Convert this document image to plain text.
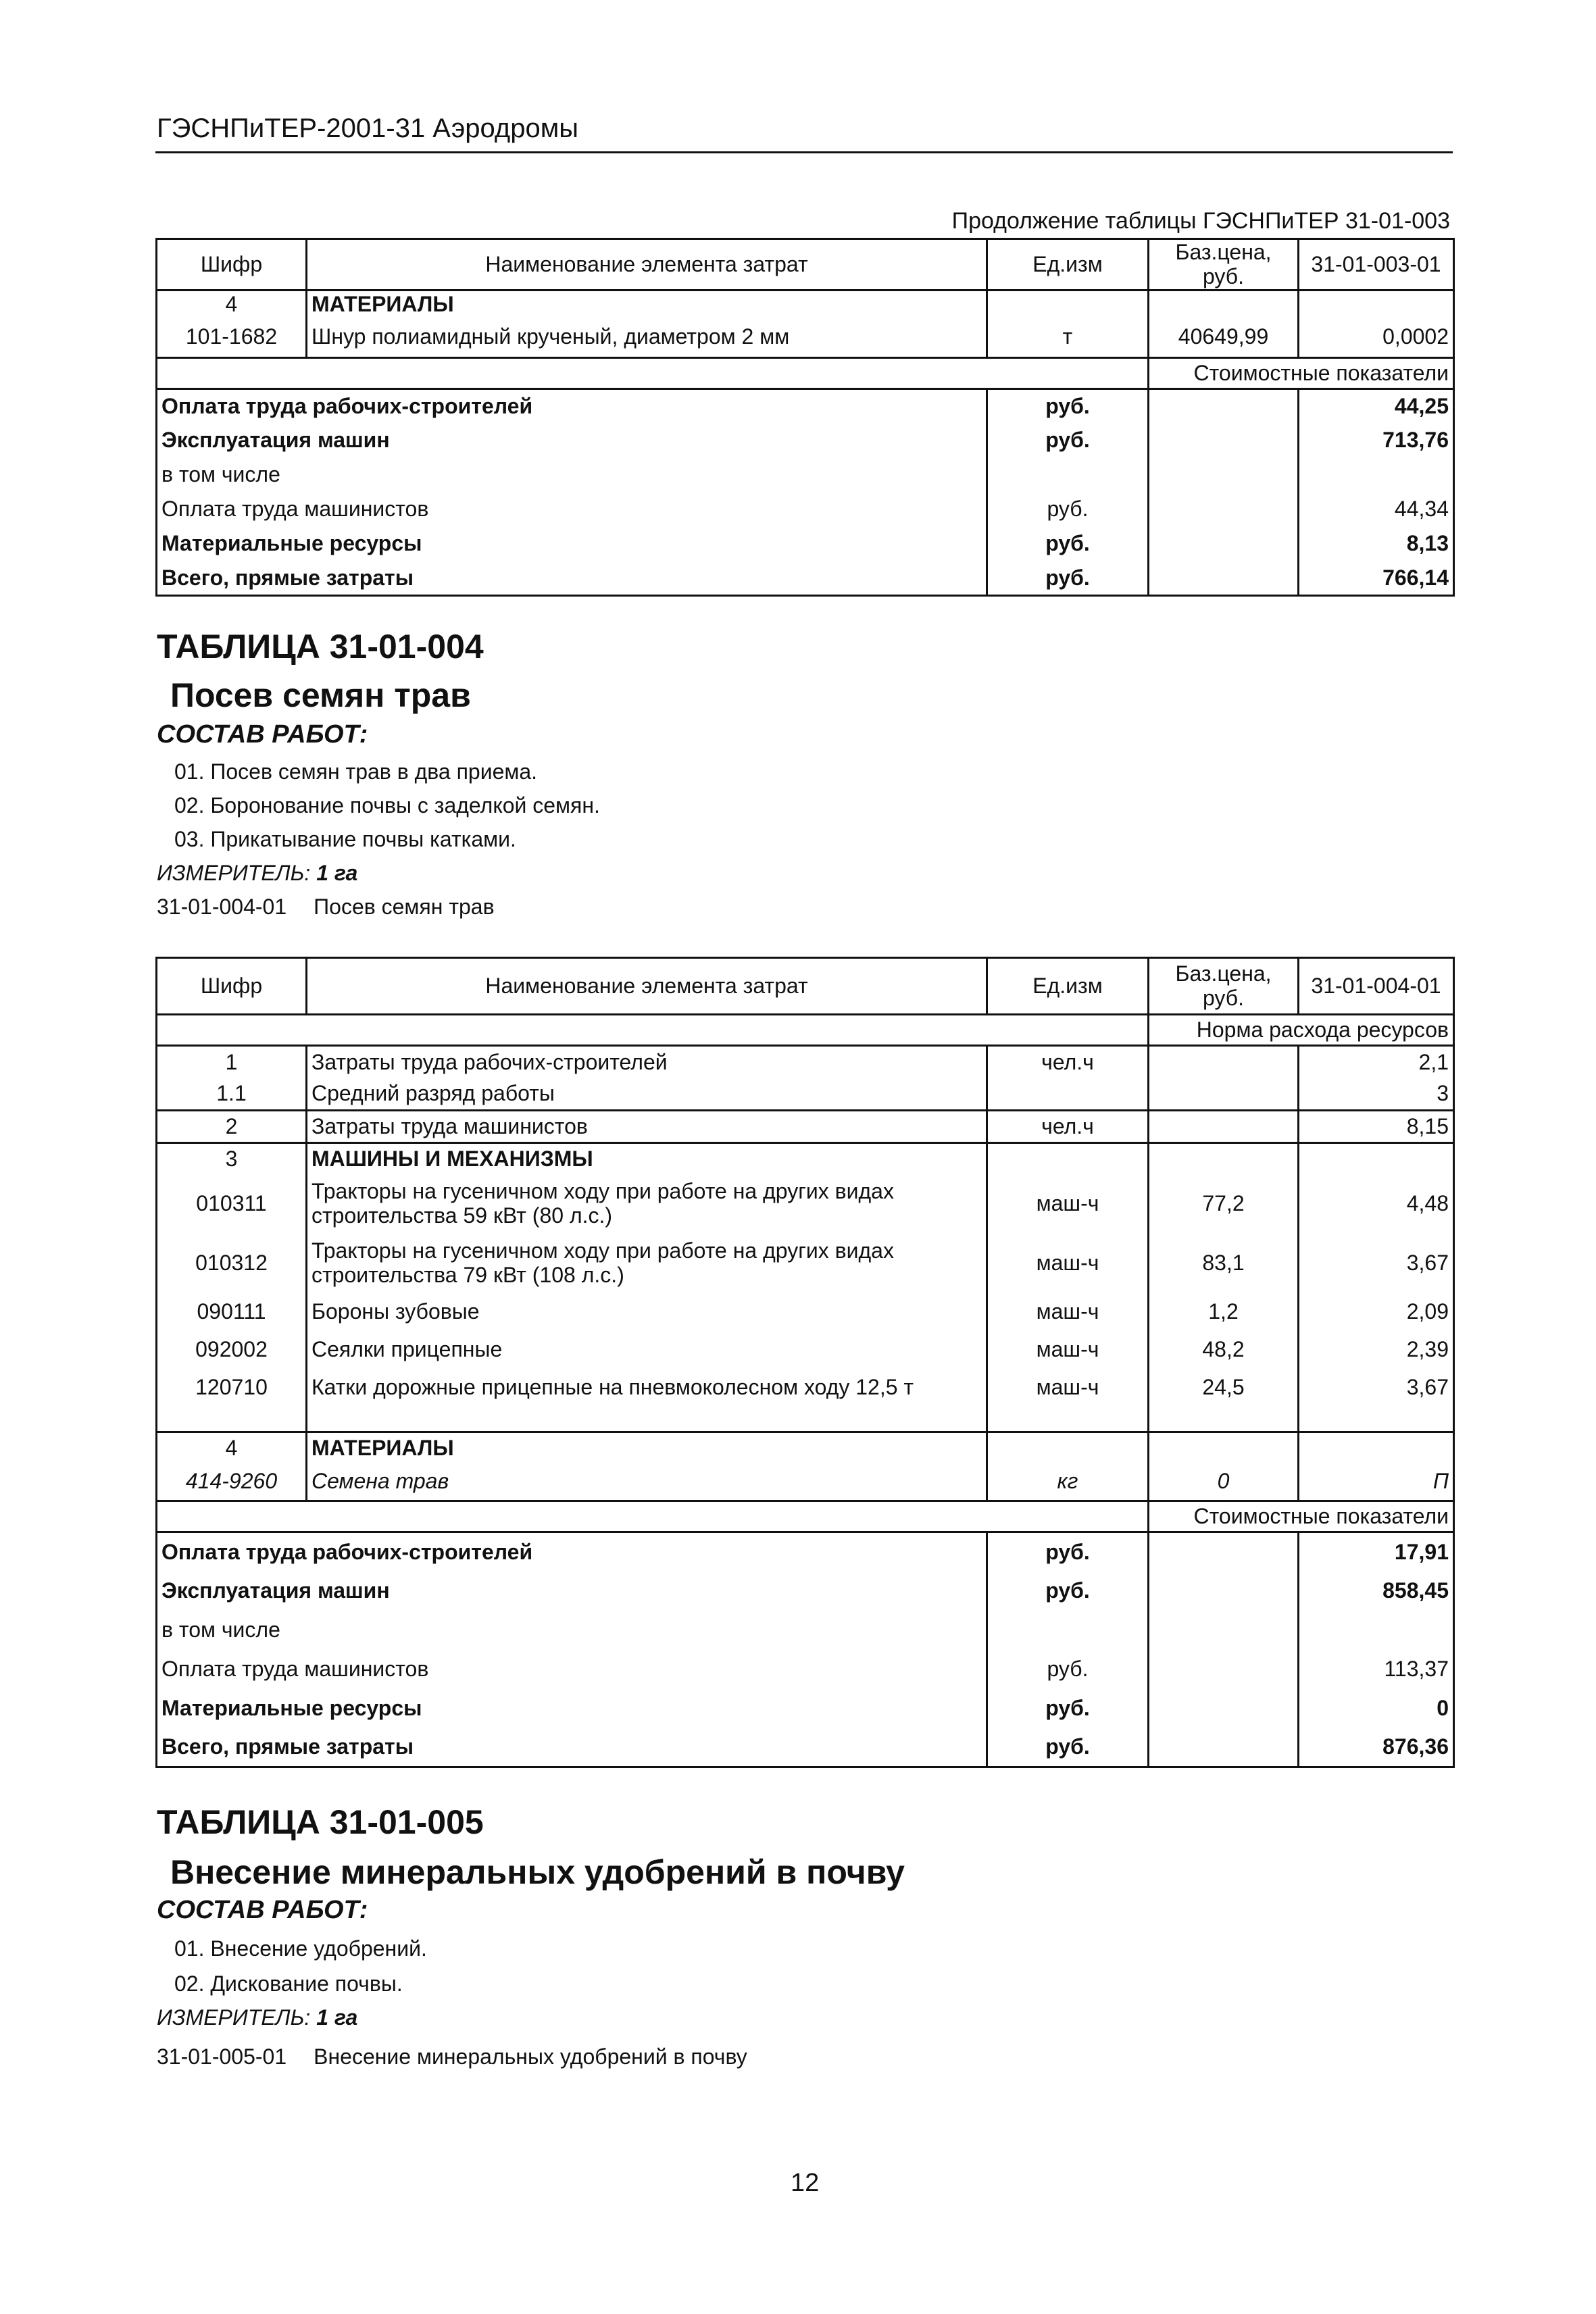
ГЭСНПиТЕР-2001-31 Аэродромы
Продолжение таблицы ГЭСНПиТЕР 31-01-003
Шифр	Наименование элемента затрат	Ед.изм	Баз.цена, руб.	31-01-003-01
4	МАТЕРИАЛЫ			
101-1682	Шнур полиамидный крученый, диаметром 2 мм	т	40649,99	0,0002
			Стоимостные показатели	
Оплата труда рабочих-строителей		руб.		44,25
Эксплуатация машин		руб.		713,76
в том числе				
Оплата труда машинистов		руб.		44,34
Материальные ресурсы		руб.		8,13
Всего, прямые затраты		руб.		766,14
ТАБЛИЦА 31-01-004
Посев семян трав
СОСТАВ РАБОТ:
01. Посев семян трав в два приема.
02. Боронование почвы с заделкой семян.
03. Прикатывание почвы катками.
ИЗМЕРИТЕЛЬ: 1 га
31-01-004-01 Посев семян трав
Шифр	Наименование элемента затрат	Ед.изм	Баз.цена, руб.	31-01-004-01
			Норма расхода ресурсов	
1	Затраты труда рабочих-строителей	чел.ч		2,1
1.1	Средний разряд работы			3
2	Затраты труда машинистов	чел.ч		8,15
3	МАШИНЫ И МЕХАНИЗМЫ			
010311	Тракторы на гусеничном ходу при работе на других видах строительства 59 кВт (80 л.с.)	маш-ч	77,2	4,48
010312	Тракторы на гусеничном ходу при работе на других видах строительства 79 кВт (108 л.с.)	маш-ч	83,1	3,67
090111	Бороны зубовые	маш-ч	1,2	2,09
092002	Сеялки прицепные	маш-ч	48,2	2,39
120710	Катки дорожные прицепные на пневмоколесном ходу 12,5 т	маш-ч	24,5	3,67
4	МАТЕРИАЛЫ			
414-9260	Семена трав	кг	0	П
			Стоимостные показатели	
Оплата труда рабочих-строителей		руб.		17,91
Эксплуатация машин		руб.		858,45
в том числе				
Оплата труда машинистов		руб.		113,37
Материальные ресурсы		руб.		0
Всего, прямые затраты		руб.		876,36
ТАБЛИЦА 31-01-005
Внесение минеральных удобрений в почву
СОСТАВ РАБОТ:
01. Внесение удобрений.
02. Дискование почвы.
ИЗМЕРИТЕЛЬ: 1 га
31-01-005-01 Внесение минеральных удобрений в почву
12
